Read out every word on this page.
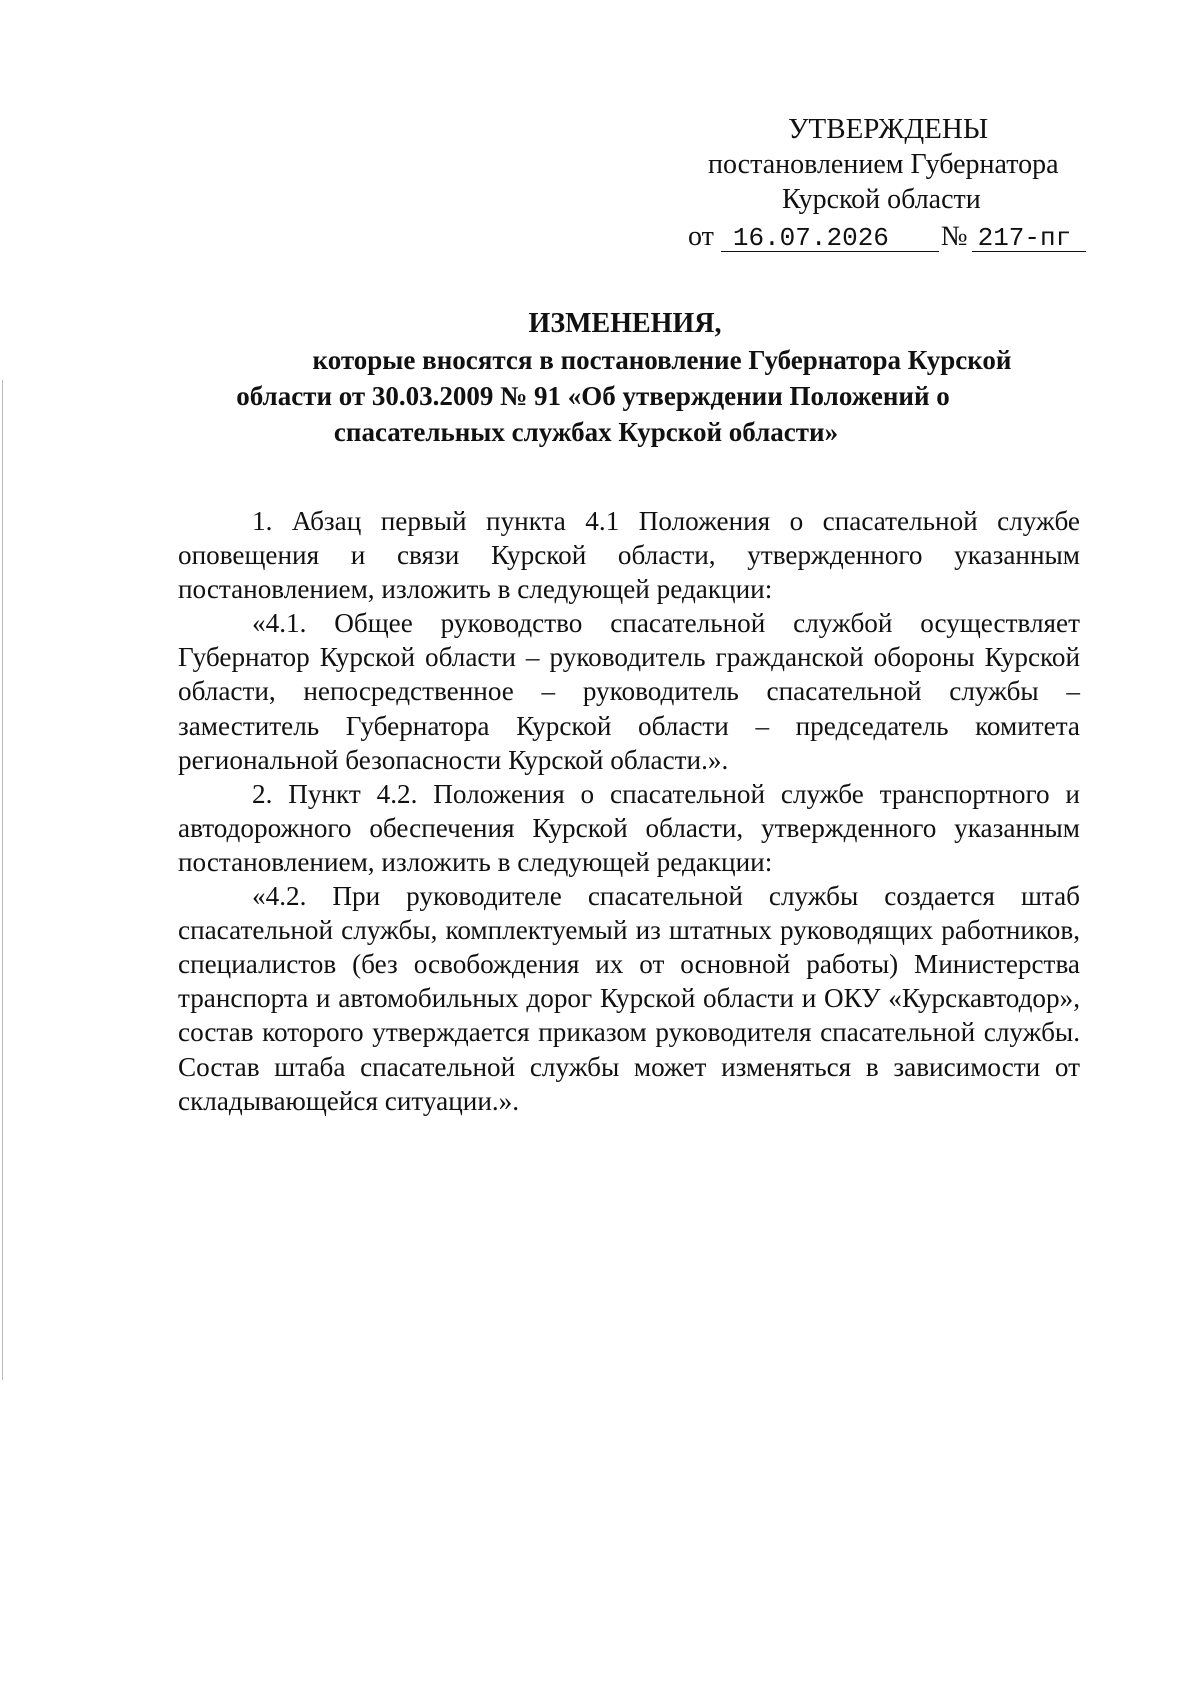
УТВЕРЖДЕНЫ
постановлением Губернатора
Курской области
от 16.07.2026 № 217-пг
ИЗМЕНЕНИЯ,
которые вносятся в постановление Губернатора Курской
области от 30.03.2009 № 91 «Об утверждении Положений о
спасательных службах Курской области»

1. Абзац первый пункта 4.1 Положения о спасательной службе оповещения и связи Курской области, утвержденного указанным постановлением, изложить в следующей редакции:

«4.1. Общее руководство спасательной службой осуществляет Губернатор Курской области – руководитель гражданской обороны Курской области, непосредственное – руководитель спасательной службы – заместитель Губернатора Курской области – председатель комитета региональной безопасности Курской области.».

2. Пункт 4.2. Положения о спасательной службе транспортного и автодорожного обеспечения Курской области, утвержденного указанным постановлением, изложить в следующей редакции:

«4.2. При руководителе спасательной службы создается штаб спасательной службы, комплектуемый из штатных руководящих работников, специалистов (без освобождения их от основной работы) Министерства транспорта и автомобильных дорог Курской области и ОКУ «Курскавтодор», состав которого утверждается приказом руководителя спасательной службы. Состав штаба спасательной службы может изменяться в зависимости от складывающейся ситуации.».
